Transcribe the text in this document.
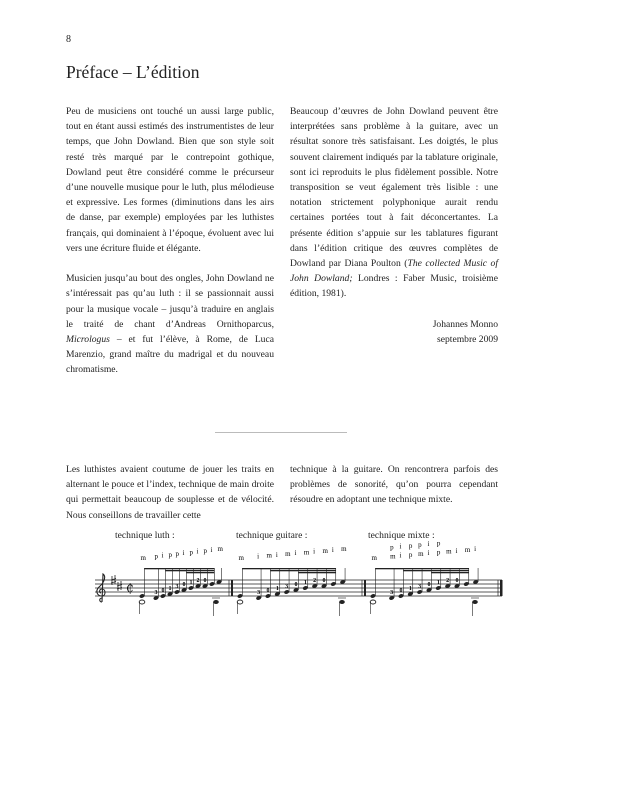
8
Préface – L’édition

Peu de musiciens ont touché un aussi large public, tout en étant aussi estimés des instrumentistes de leur temps, que John Dowland. Bien que son style soit resté très marqué par le contrepoint gothique, Dowland peut être considéré comme le précurseur d’une nouvelle musique pour le luth, plus mélodieuse et expressive. Les formes (diminutions dans les airs de danse, par exemple) employées par les luthistes français, qui dominaient à l’époque, évoluent avec lui vers une écriture fluide et élégante.

Musicien jusqu’au bout des ongles, John Dowland ne s’intéressait pas qu’au luth : il se passionnait aussi pour la musique vocale – jusqu’à traduire en anglais le traité de chant d’Andreas Ornithoparcus, Micrologus – et fut l’élève, à Rome, de Luca Marenzio, grand maître du madrigal et du nouveau chromatisme.

Beaucoup d’œuvres de John Dowland peuvent être interprétées sans problème à la guitare, avec un résultat sonore très satisfaisant. Les doigtés, le plus souvent clairement indiqués par la tablature originale, sont ici reproduits le plus fidèlement possible. Notre transposition se veut également très lisible : une notation strictement polyphonique aurait rendu certaines portées tout à fait déconcertantes. La présente édition s’appuie sur les tablatures figurant dans l’édition critique des œuvres complètes de Dowland par Diana Poulton (The collected Music of John Dowland; Londres : Faber Music, troisième édition, 1981).

Johannes Monno
septembre 2009

Les luthistes avaient coutume de jouer les traits en alternant le pouce et l’index, technique de main droite qui permettait beaucoup de souplesse et de vélocité. Nous conseillons de travailler cette

technique à la guitare. On rencontrera parfois des problèmes de sonorité, qu’on pourra cependant résoudre en adoptant une technique mixte.

technique luth :	technique guitare :	technique mixte :
₵
m p
3
i
0
p
1
p
3
i
0
p
1
i
2
p
0
i m
m i
3
m
0
i
1
m
3
i
0
m
1
i
2
m
0
i m
m m
p
3
i
i
0
p
p
1
m
p
3
i
i
0
p
p
1
m
2
i
0
m i
